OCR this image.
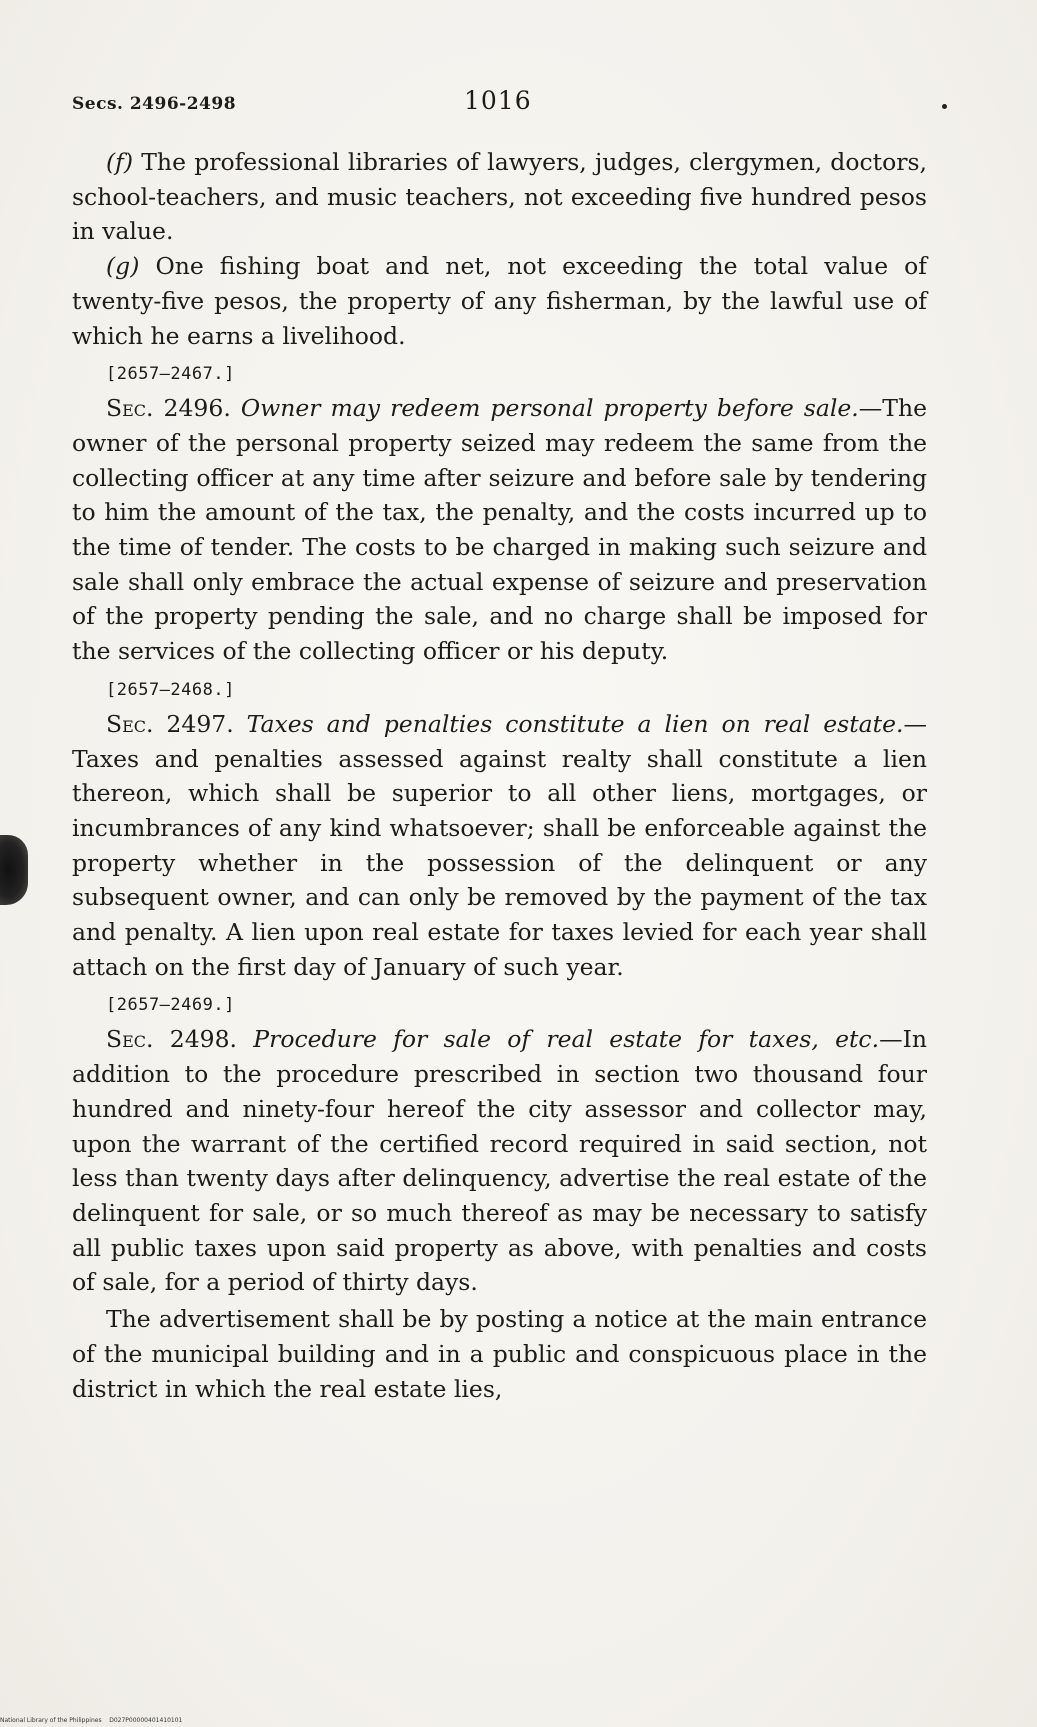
Secs. 2496-2498	1016

(f) The professional libraries of lawyers, judges, clergymen, doctors, school-teachers, and music teachers, not exceeding five hundred pesos in value.

(g) One fishing boat and net, not exceeding the total value of twenty-five pesos, the property of any fisherman, by the lawful use of which he earns a livelihood.

[2657—2467.]

Sec. 2496. Owner may redeem personal property before sale.—The owner of the personal property seized may redeem the same from the collecting officer at any time after seizure and before sale by tendering to him the amount of the tax, the penalty, and the costs incurred up to the time of tender. The costs to be charged in making such seizure and sale shall only embrace the actual expense of seizure and preservation of the property pending the sale, and no charge shall be imposed for the services of the collecting officer or his deputy.

[2657—2468.]

Sec. 2497. Taxes and penalties constitute a lien on real estate.—Taxes and penalties assessed against realty shall constitute a lien thereon, which shall be superior to all other liens, mortgages, or incumbrances of any kind whatsoever; shall be enforceable against the property whether in the possession of the delinquent or any subsequent owner, and can only be removed by the payment of the tax and penalty. A lien upon real estate for taxes levied for each year shall attach on the first day of January of such year.

[2657—2469.]

Sec. 2498. Procedure for sale of real estate for taxes, etc.—In addition to the procedure prescribed in section two thousand four hundred and ninety-four hereof the city assessor and collector may, upon the warrant of the certified record required in said section, not less than twenty days after delinquency, advertise the real estate of the delinquent for sale, or so much thereof as may be necessary to satisfy all public taxes upon said property as above, with penalties and costs of sale, for a period of thirty days.

The advertisement shall be by posting a notice at the main entrance of the municipal building and in a public and conspicuous place in the district in which the real estate lies,

National Library of the Philippines D027P00000401410101
